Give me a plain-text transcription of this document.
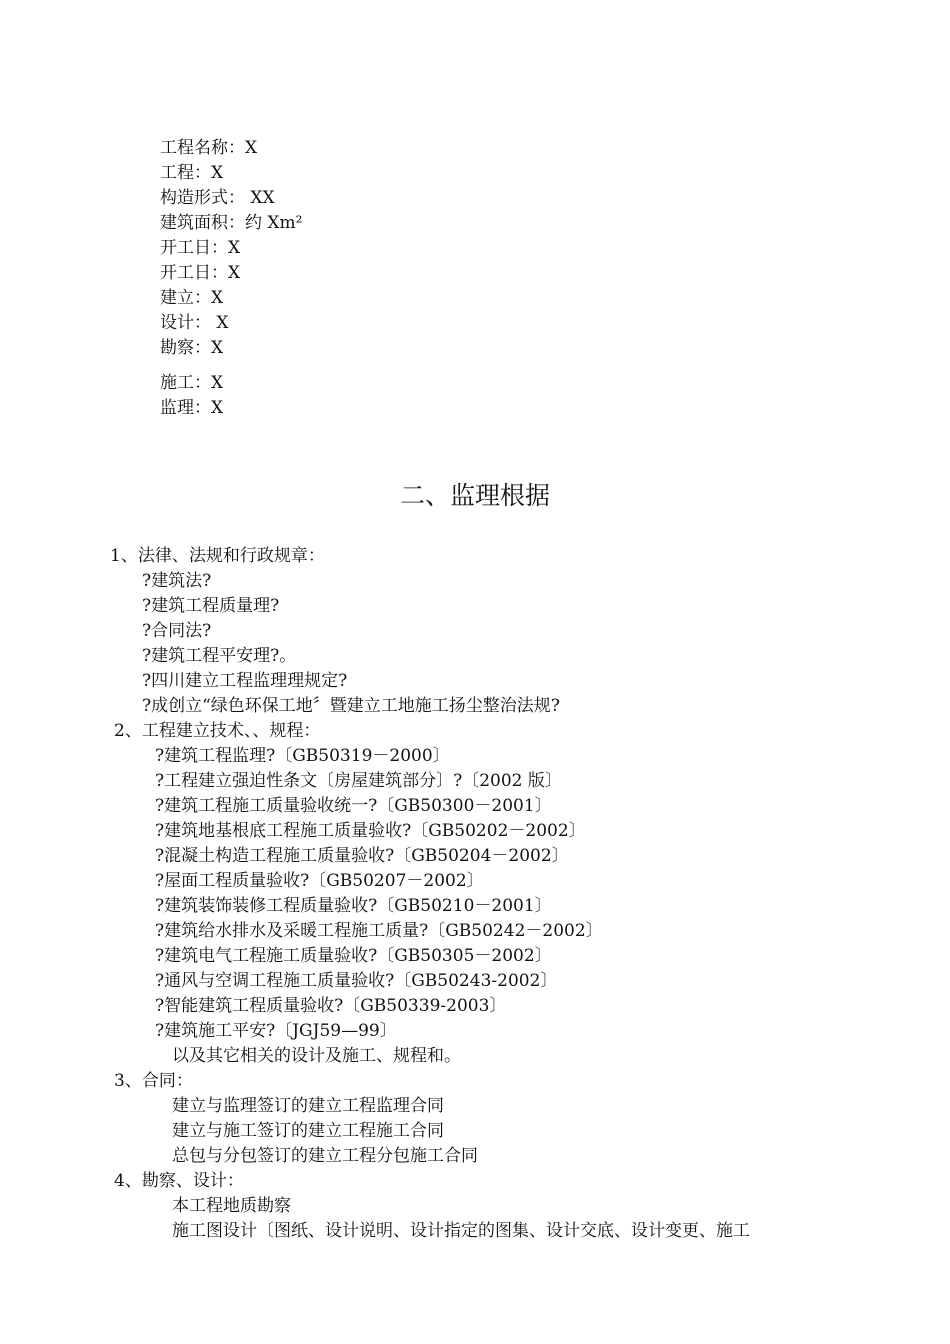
工程名称：X
工程：X
构造形式： XX
建筑面积：约 Xm²
开工日：X
开工日：X
建立：X
设计： X
勘察：X
施工：X
监理：X
二、监理根据
1、法律、法规和行政规章：
?建筑法?
?建筑工程质量理?
?合同法?
?建筑工程平安理?。
?四川建立工程监理理规定?
?成创立“绿色环保工地〞暨建立工地施工扬尘整治法规?
2、工程建立技术、、规程：
?建筑工程监理?〔GB50319－2000〕
?工程建立强迫性条文〔房屋建筑部分〕?〔2002 版〕
?建筑工程施工质量验收统一?〔GB50300－2001〕
?建筑地基根底工程施工质量验收?〔GB50202－2002〕
?混凝土构造工程施工质量验收?〔GB50204－2002〕
?屋面工程质量验收?〔GB50207－2002〕
?建筑装饰装修工程质量验收?〔GB50210－2001〕
?建筑给水排水及采暖工程施工质量?〔GB50242－2002〕
?建筑电气工程施工质量验收?〔GB50305－2002〕
?通风与空调工程施工质量验收?〔GB50243-2002〕
?智能建筑工程质量验收?〔GB50339-2003〕
?建筑施工平安?〔JGJ59—99〕
以及其它相关的设计及施工、规程和。
3、合同：
建立与监理签订的建立工程监理合同
建立与施工签订的建立工程施工合同
总包与分包签订的建立工程分包施工合同
4、勘察、设计：
本工程地质勘察
施工图设计〔图纸、设计说明、设计指定的图集、设计交底、设计变更、施工
